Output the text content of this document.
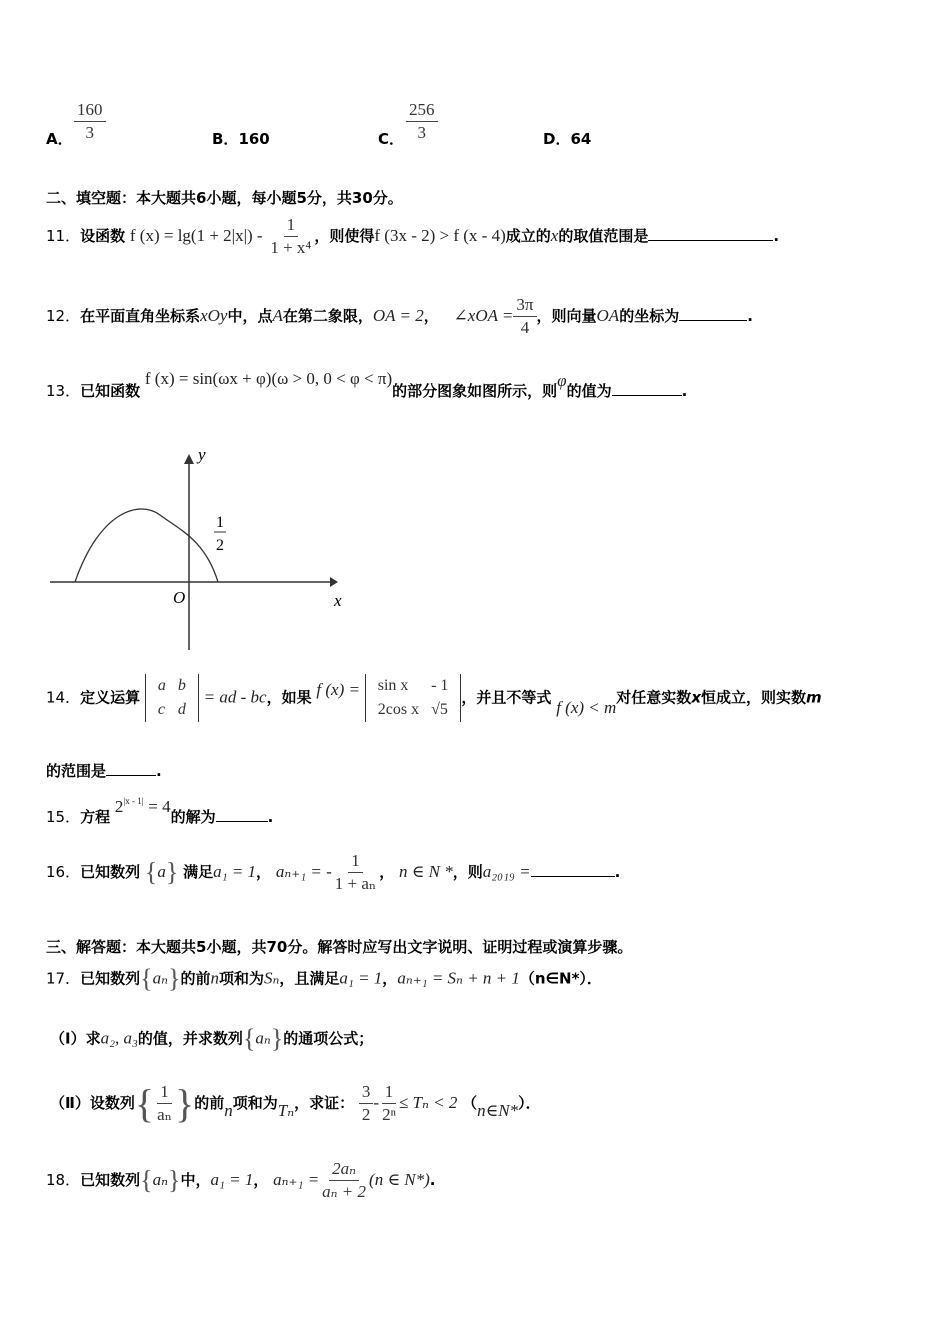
A． $\frac{160}{3}$	B．160	C． $\frac{256}{3}$	D．64
二、填空题：本大题共6小题，每小题5分，共30分。
11．设函数 f $(x) = \lg(1 + 2|x|) - \frac{1}{\text{1 + x⁴}}$ ，则使得f (3x - 2) > f (x - 4)成立的x的取值范围是	.
12．在平面直角坐标系xOy中，点A在第二象限，OA = 2， ∠xOA = $\frac{3\pi}{4}$ ，则向量OA的坐标为	.
13．已知函数 f (x) = sin(ωx + φ)(ω > 0, 0 < φ < π)的部分图象如图所示，则φ的值为	.
y
x
O
1
2
14．定义运算
a	b
c	d
= ad - bc，如果 f (x) = sin x	- 1
2cos x	√5
，并且不等式 f (x) < m对任意实数x恒成立，则实数m
的范围是	.
15．方程 $2^{|x - 1|} = 4$的解为	.
16．已知数列 {a} 满足a₁ = 1， aₙ₊₁ = - $\frac{1}{\text{1 + aₙ}}$ ， n ∈ N *，则a₂₀₁₉ =	.
三、解答题：本大题共5小题，共70分。解答时应写出文字说明、证明过程或演算步骤。
17．已知数列{aₙ}的前n项和为Sₙ，且满足a₁ = 1，aₙ₊₁ = Sₙ + n + 1（n∈N*）．
（Ⅰ）求a₂, a₃的值，并求数列{aₙ}的通项公式；
（Ⅱ）设数列{ $\frac{1}{\text{aₙ}}$ }的前n项和为Tₙ，求证： $\frac{3}{2} - \frac{1}{\text{2ⁿ}} \le T_n < 2$ （n∈N*）．
18．已知数列{aₙ}中，a₁ = 1， $a_{n+1} = \frac{\text{2aₙ}}{\text{aₙ + 2}} (n$ ∈ N*).
